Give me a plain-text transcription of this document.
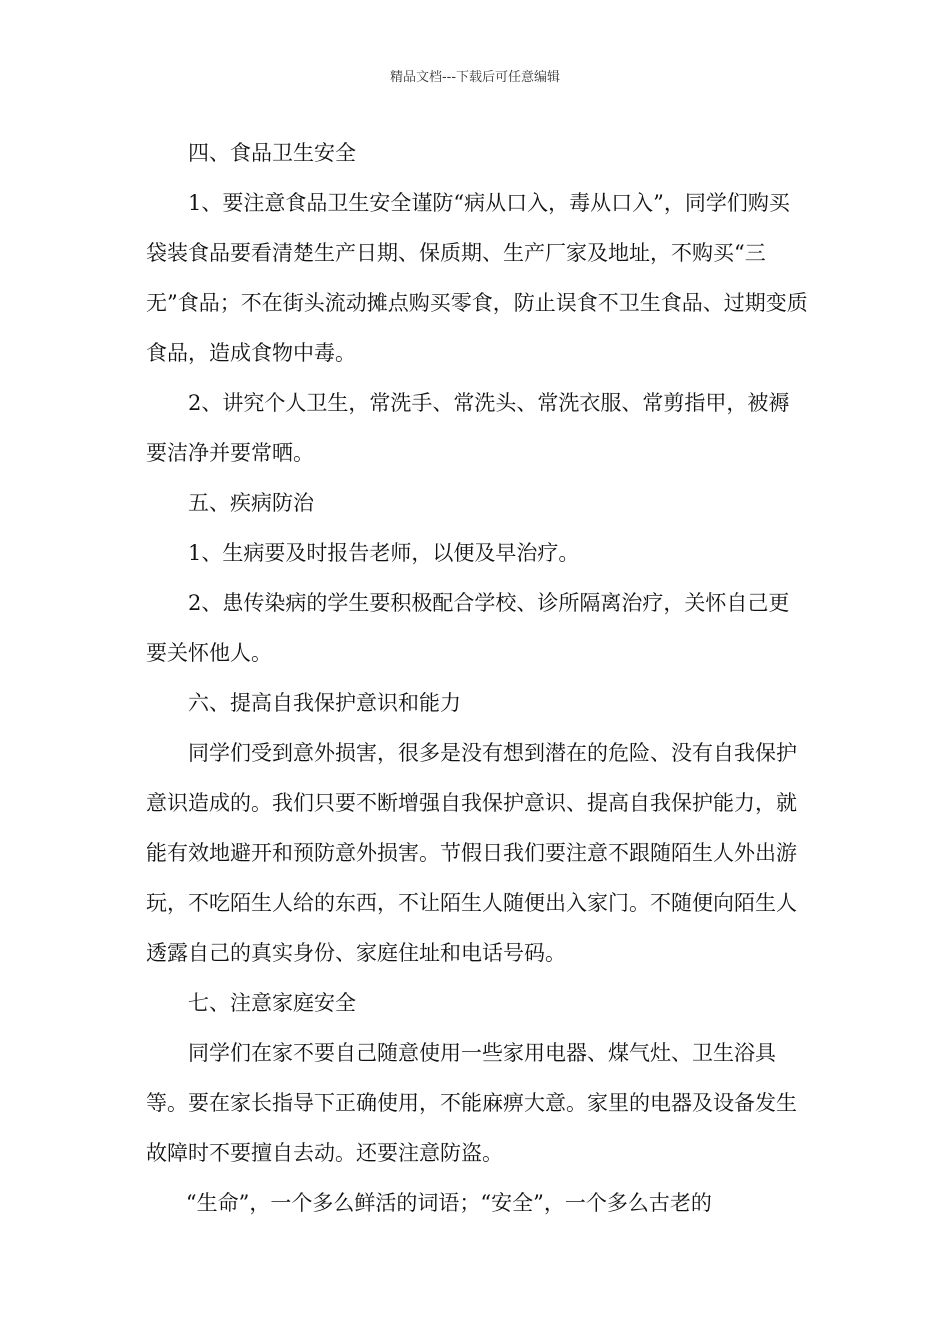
精品文档---下载后可任意编辑

四、食品卫生安全

1、要注意食品卫生安全谨防“病从口入，毒从口入”，同学们购买袋装食品要看清楚生产日期、保质期、生产厂家及地址，不购买“三无”食品；不在街头流动摊点购买零食，防止误食不卫生食品、过期变质食品，造成食物中毒。

2、讲究个人卫生，常洗手、常洗头、常洗衣服、常剪指甲，被褥要洁净并要常晒。

五、疾病防治

1、生病要及时报告老师，以便及早治疗。

2、患传染病的学生要积极配合学校、诊所隔离治疗，关怀自己更要关怀他人。

六、提高自我保护意识和能力

同学们受到意外损害，很多是没有想到潜在的危险、没有自我保护意识造成的。我们只要不断增强自我保护意识、提高自我保护能力，就能有效地避开和预防意外损害。节假日我们要注意不跟随陌生人外出游玩，不吃陌生人给的东西，不让陌生人随便出入家门。不随便向陌生人透露自己的真实身份、家庭住址和电话号码。

七、注意家庭安全

同学们在家不要自己随意使用一些家用电器、煤气灶、卫生浴具等。要在家长指导下正确使用，不能麻痹大意。家里的电器及设备发生故障时不要擅自去动。还要注意防盗。

“生命”，一个多么鲜活的词语；“安全”，一个多么古老的
